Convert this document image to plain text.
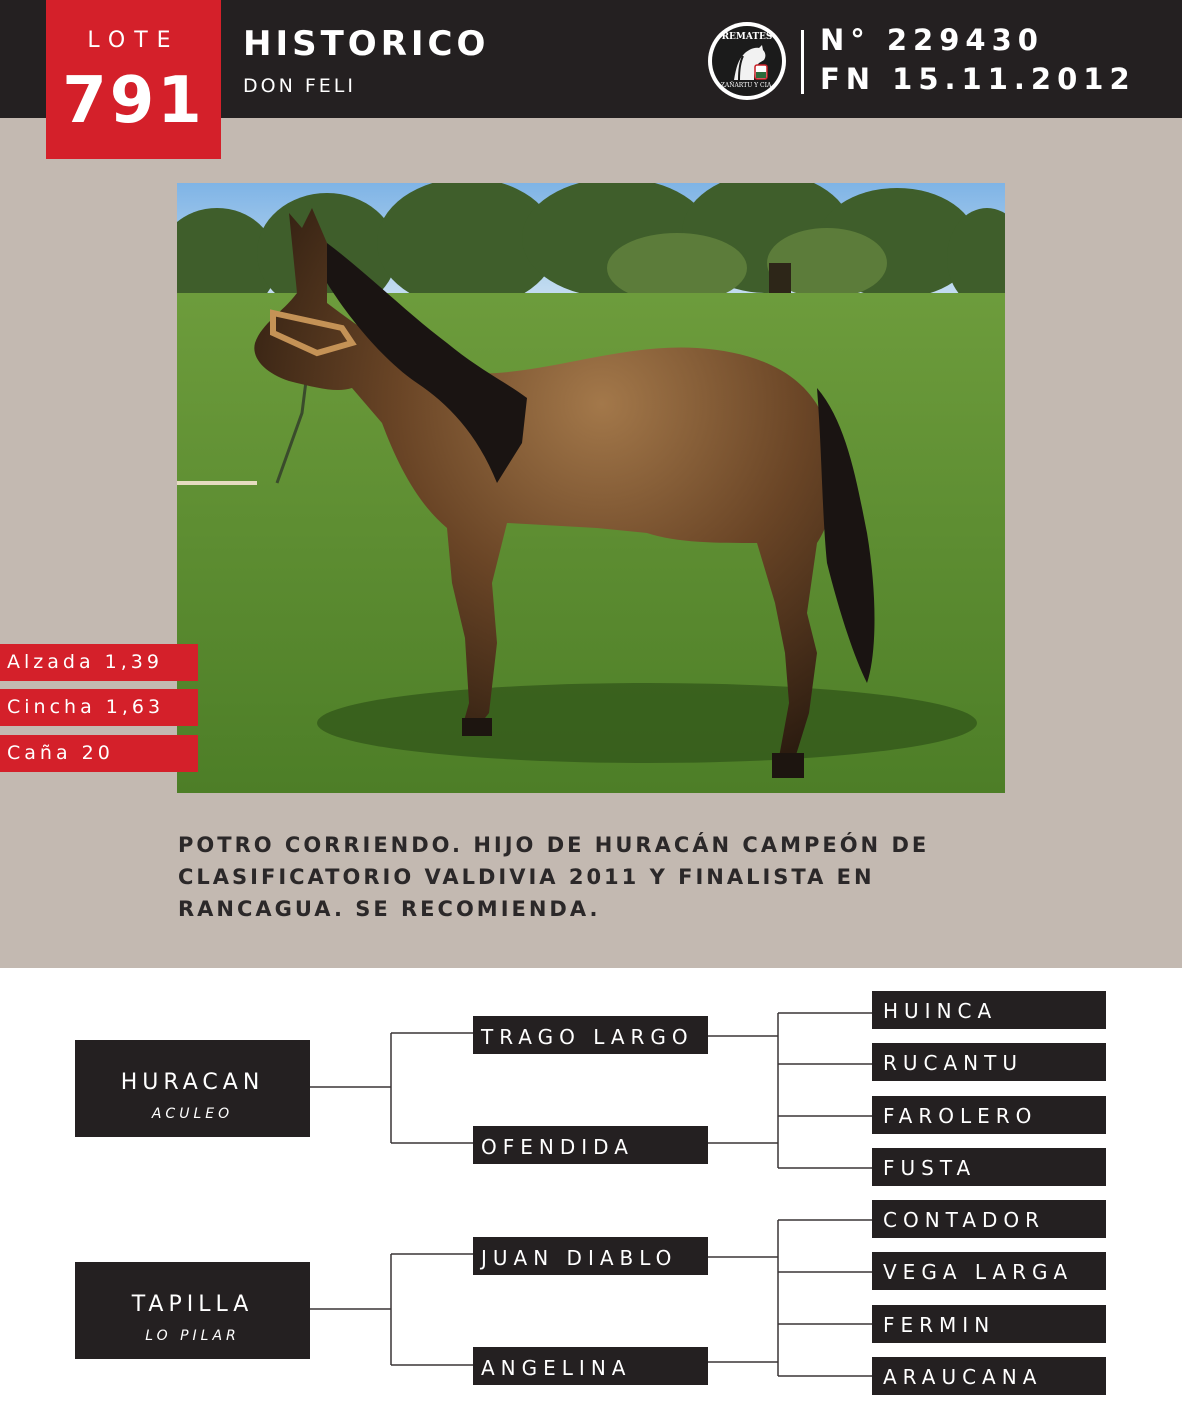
LOTE
791
HISTORICO
DON FELI
REMATES
ZAÑARTU Y CIA.
N° 229430
FN 15.11.2012
Alzada 1,39
Cincha 1,63
Caña 20
POTRO CORRIENDO. HIJO DE HURACÁN CAMPEÓN DE CLASIFICATORIO VALDIVIA 2011 Y FINALISTA EN RANCAGUA. SE RECOMIENDA.
HURACAN
ACULEO
TAPILLA
LO PILAR
TRAGO LARGO
OFENDIDA
JUAN DIABLO
ANGELINA
HUINCA
RUCANTU
FAROLERO
FUSTA
CONTADOR
VEGA LARGA
FERMIN
ARAUCANA
